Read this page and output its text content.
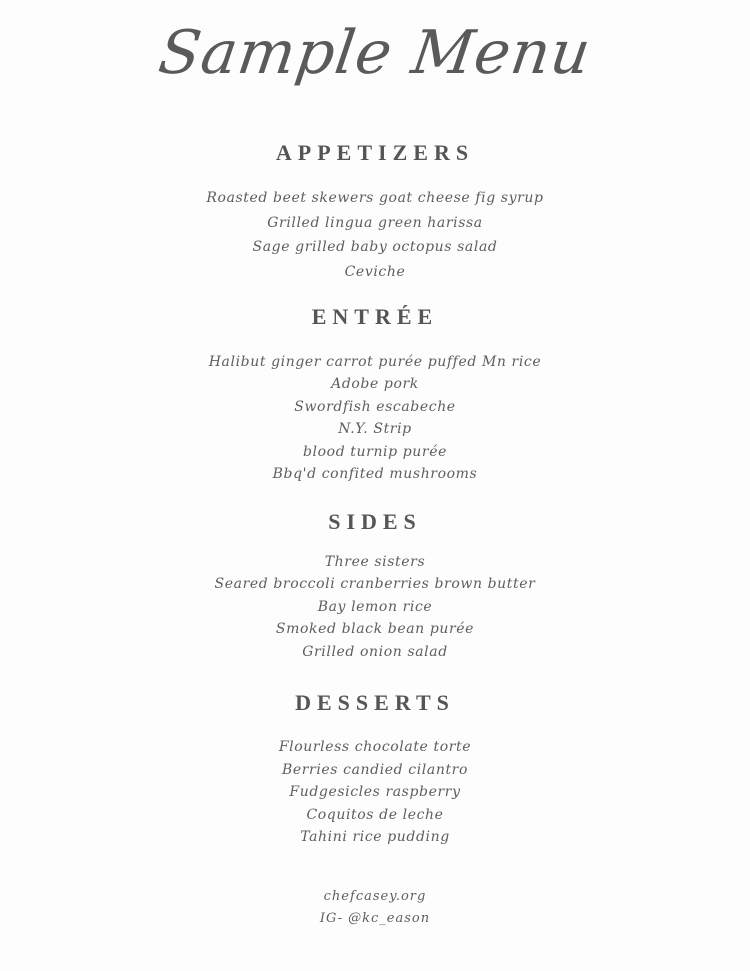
Sample Menu
APPETIZERS
Roasted beet skewers goat cheese fig syrup
Grilled lingua green harissa
Sage grilled baby octopus salad
Ceviche
ENTRÉE
Halibut ginger carrot purée puffed Mn rice
Adobe pork
Swordfish escabeche
N.Y. Strip
blood turnip purée
Bbq'd confited mushrooms
SIDES
Three sisters
Seared broccoli cranberries brown butter
Bay lemon rice
Smoked black bean purée
Grilled onion salad
DESSERTS
Flourless chocolate torte
Berries candied cilantro
Fudgesicles raspberry
Coquitos de leche
Tahini rice pudding
chefcasey.org
IG- @kc_eason
